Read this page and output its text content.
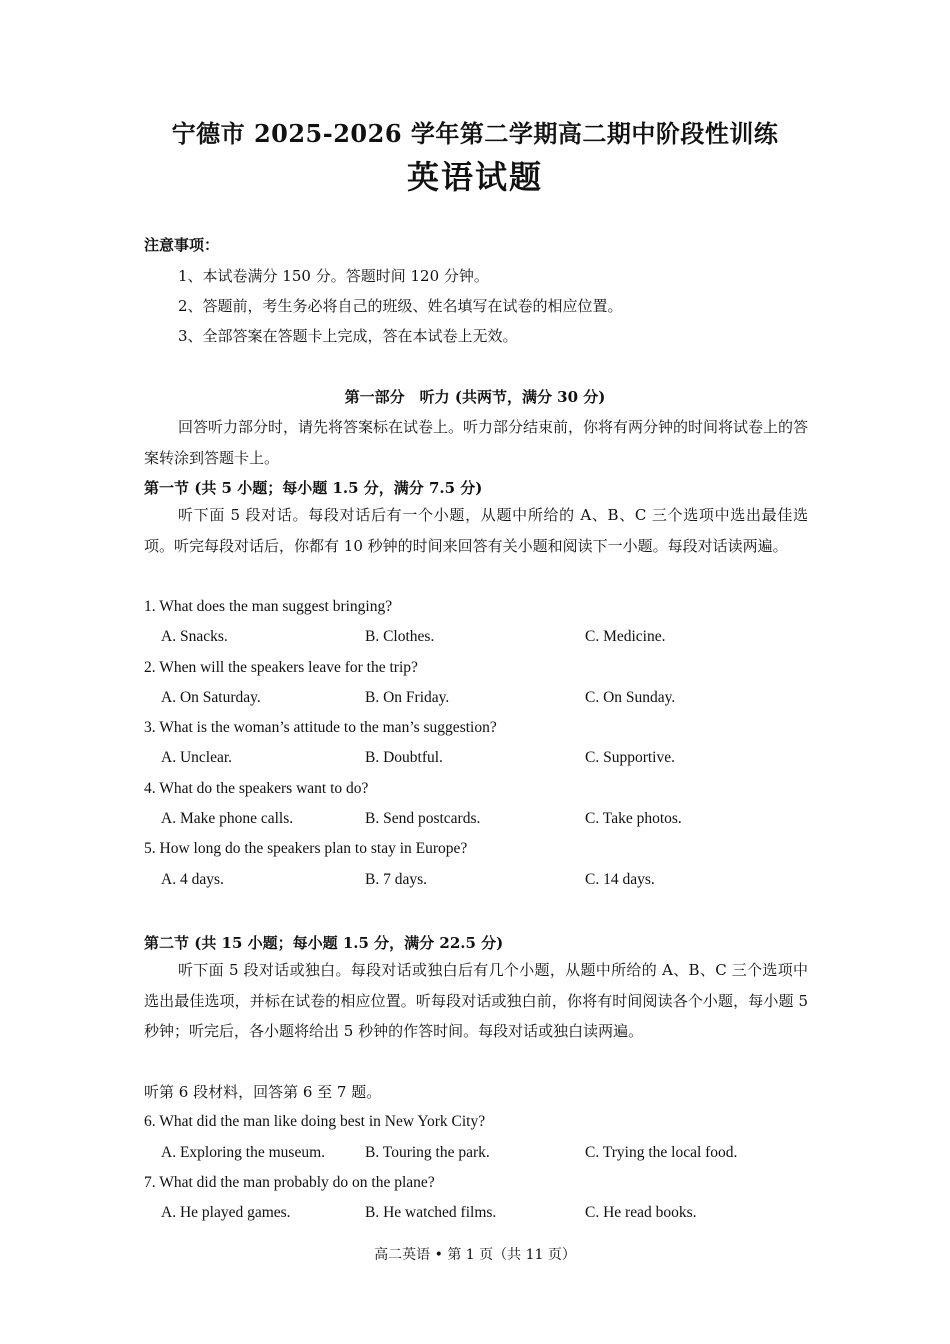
宁德市 2025-2026 学年第二学期高二期中阶段性训练
英语试题
注意事项：
1、本试卷满分 150 分。答题时间 120 分钟。
2、答题前，考生务必将自己的班级、姓名填写在试卷的相应位置。
3、全部答案在答题卡上完成，答在本试卷上无效。
第一部分　听力 (共两节，满分 30 分)
回答听力部分时，请先将答案标在试卷上。听力部分结束前，你将有两分钟的时间将试卷上的答案转涂到答题卡上。
第一节 (共 5 小题；每小题 1.5 分，满分 7.5 分)
听下面 5 段对话。每段对话后有一个小题，从题中所给的 A、B、C 三个选项中选出最佳选项。听完每段对话后，你都有 10 秒钟的时间来回答有关小题和阅读下一小题。每段对话读两遍。
1. What does the man suggest bringing?
A. Snacks.	B. Clothes.	C. Medicine.
2. When will the speakers leave for the trip?
A. On Saturday.	B. On Friday.	C. On Sunday.
3. What is the woman’s attitude to the man’s suggestion?
A. Unclear.	B. Doubtful.	C. Supportive.
4. What do the speakers want to do?
A. Make phone calls.	B. Send postcards.	C. Take photos.
5. How long do the speakers plan to stay in Europe?
A. 4 days.	B. 7 days.	C. 14 days.
第二节 (共 15 小题；每小题 1.5 分，满分 22.5 分)
听下面 5 段对话或独白。每段对话或独白后有几个小题，从题中所给的 A、B、C 三个选项中选出最佳选项，并标在试卷的相应位置。听每段对话或独白前，你将有时间阅读各个小题，每小题 5 秒钟；听完后，各小题将给出 5 秒钟的作答时间。每段对话或独白读两遍。
听第 6 段材料，回答第 6 至 7 题。
6. What did the man like doing best in New York City?
A. Exploring the museum.	B. Touring the park.	C. Trying the local food.
7. What did the man probably do on the plane?
A. He played games.	B. He watched films.	C. He read books.
高二英语 • 第 1 页（共 11 页）
